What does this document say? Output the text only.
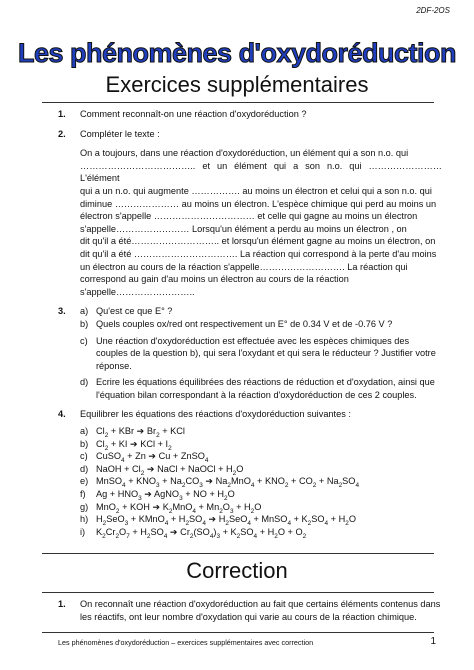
2DF-2OS
Les phénomènes d'oxydoréduction
Exercices supplémentaires
1. Comment reconnaît-on une réaction d'oxydoréduction ?
2. Compléter le texte :
On a toujours, dans une réaction d'oxydoréduction, un élément qui a son n.o. qui
……………………………….. et un élément qui a son n.o. qui …………………… L'élément
qui a un n.o. qui augmente ……………. au moins un électron et celui qui a son n.o. qui
diminue ………………… au moins un électron. L'espèce chimique qui perd au moins un
électron s'appelle …………………………… et celle qui gagne au moins un électron
s'appelle…………………… Lorsqu'un élément a perdu au moins un électron , on
dit qu'il a été……………………….. et lorsqu'un élément gagne au moins un électron, on
dit qu'il a été ……………………………. La réaction qui correspond à la perte d'au moins
un électron au cours de la réaction s'appelle………………………. La réaction qui
correspond au gain d'au moins un électron au cours de la réaction
s'appelle……………………..
3. a) Qu'est ce que E° ?
b) Quels couples ox/red ont respectivement un E° de 0.34 V et de -0.76 V ?
c) Une réaction d'oxydoréduction est effectuée avec les espèces chimiques des couples de la question b), qui sera l'oxydant et qui sera le réducteur ? Justifier votre réponse.
d) Ecrire les équations équilibrées des réactions de réduction et d'oxydation, ainsi que l'équation bilan correspondant à la réaction d'oxydoréduction de ces 2 couples.
4. Equilibrer les équations des réactions d'oxydoréduction suivantes :
a) $Cl_2$ + KBr ➔ $Br_2$ + KCl
b) $Cl_2$ + KI ➔ KCl + $I_2$
c) CuSO$_4$ + Zn ➔ Cu + ZnSO$_4$
d) NaOH + $Cl_2$ ➔ NaCl + NaOCl + $H_2O$
e) MnSO$_4$ + $KNO_3 + Na_2CO_3$ ➔ $Na_2MnO_4 + KNO_2 + CO_2 + Na_2SO_4$
f) $Ag + HNO_3$ ➔ AgNO$_3$ + NO + $H_2O$
g) MnO$_2$ + KOH ➔ $K_2MnO_4 + Mn_2O_3 + H_2O$
h) $H_2SeO_3$ + KMnO$_4$ + $H_2SO_4$ ➔ $H_2SeO_4$ + MnSO$_4$ + $K_2SO_4 + H_2O$
i) $K_2Cr_2O_7 + H_2SO_4$ ➔ $Cr_2(SO_4)_3 + K_2SO_4 + H_2O + O_2$
Correction
1. On reconnaît une réaction d'oxydoréduction au fait que certains éléments contenus dans les réactifs, ont leur nombre d'oxydation qui varie au cours de la réaction chimique.
Les phénomènes d'oxydoréduction – exercices supplémentaires avec correction	1
